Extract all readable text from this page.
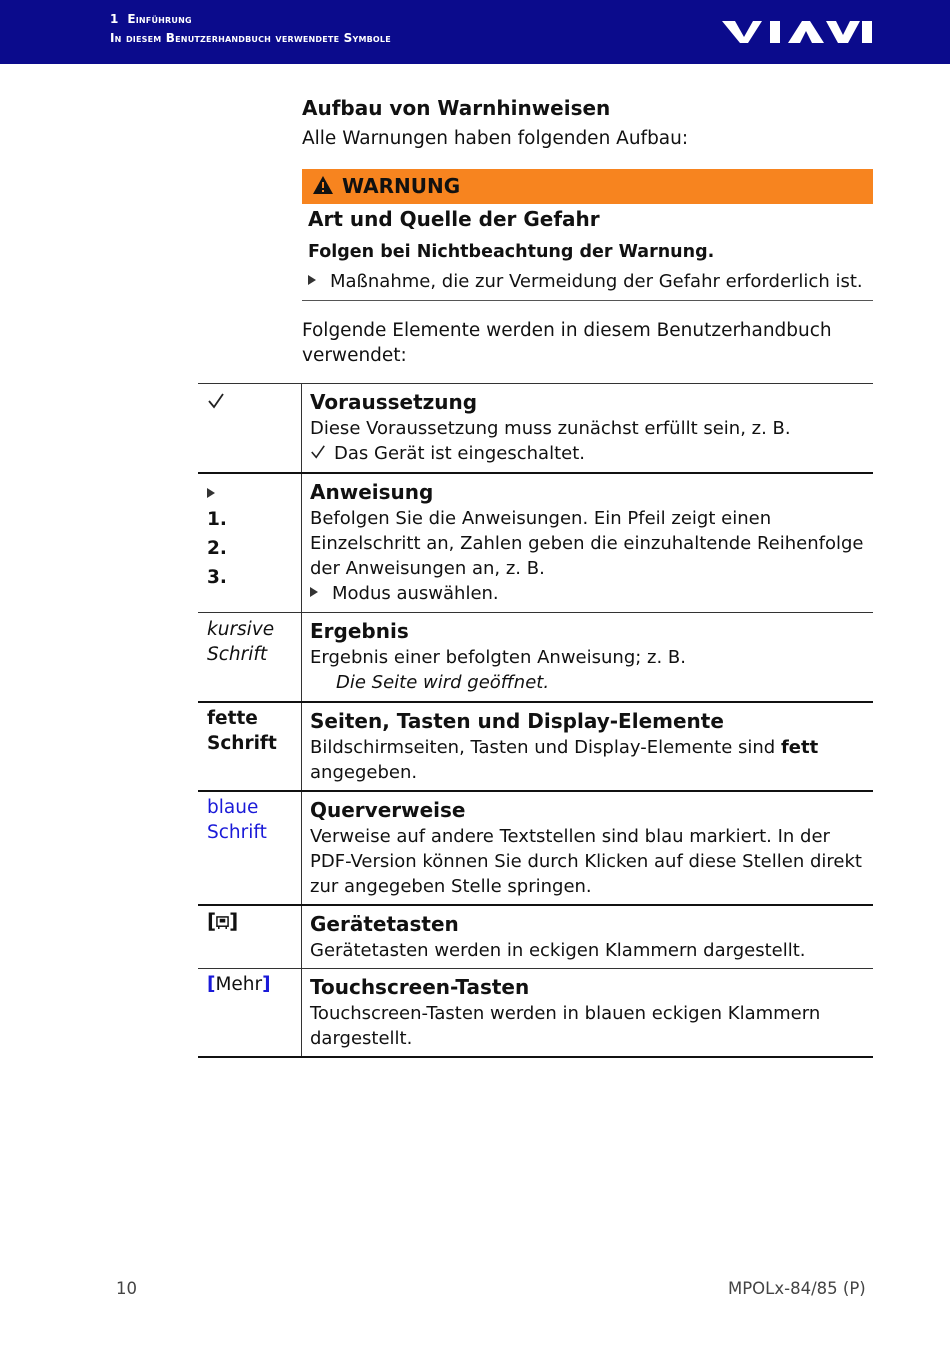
1 Einführung
In diesem Benutzerhandbuch verwendete Symbole
Aufbau von Warnhinweisen
Alle Warnungen haben folgenden Aufbau:
WARNUNG
Art und Quelle der Gefahr
Folgen bei Nichtbeachtung der Warnung.
Maßnahme, die zur Vermeidung der Gefahr erforderlich ist.
Folgende Elemente werden in diesem Benutzerhandbuch verwendet:
Voraussetzung
Diese Voraussetzung muss zunächst erfüllt sein, z. B.
Das Gerät ist eingeschaltet.
1.
2.
3.
Anweisung
Befolgen Sie die Anweisungen. Ein Pfeil zeigt einen Einzelschritt an, Zahlen geben die einzuhaltende Reihenfolge der Anweisungen an, z. B.
Modus auswählen.
kursive
Schrift
Ergebnis
Ergebnis einer befolgten Anweisung; z. B.
Die Seite wird geöffnet.
fette
Schrift
Seiten, Tasten und Display-Elemente
Bildschirmseiten, Tasten und Display-Elemente sind fett
angegeben.
blaue
Schrift
Querverweise
Verweise auf andere Textstellen sind blau markiert. In der PDF-Version können Sie durch Klicken auf diese Stellen direkt zur angegeben Stelle springen.
[ ]	Gerätetasten
Gerätetasten werden in eckigen Klammern dargestellt.
[Mehr] Touchscreen-Tasten
Touchscreen-Tasten werden in blauen eckigen Klammern dargestellt.
10	MPOLx-84/85 (P)
